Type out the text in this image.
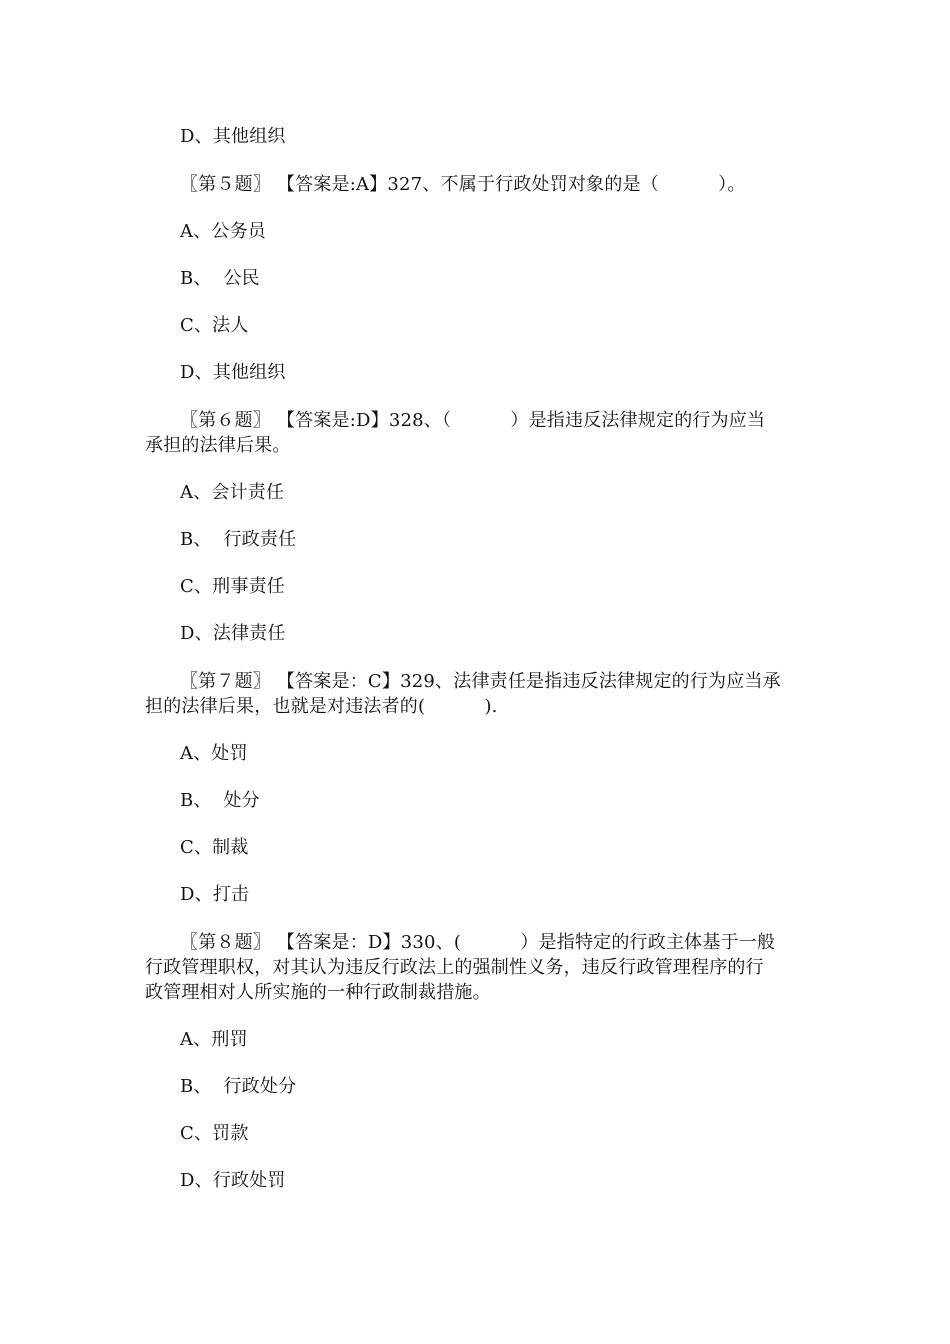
D、其他组织
〖第５题〗 【答案是:A】327、不属于行政处罚对象的是（          ）。
A、公务员
B、  公民
C、法人
D、其他组织
〖第６题〗 【答案是:D】328、（          ）是指违反法律规定的行为应当
承担的法律后果。
A、会计责任
B、  行政责任
C、刑事责任
D、法律责任
〖第７题〗 【答案是：C】329、法律责任是指违反法律规定的行为应当承
担的法律后果，也就是对违法者的(          ).
A、处罚
B、  处分
C、制裁
D、打击
〖第８题〗 【答案是：D】330、(          ）是指特定的行政主体基于一般
行政管理职权，对其认为违反行政法上的强制性义务，违反行政管理程序的行
政管理相对人所实施的一种行政制裁措施。
A、刑罚
B、  行政处分
C、罚款
D、行政处罚
